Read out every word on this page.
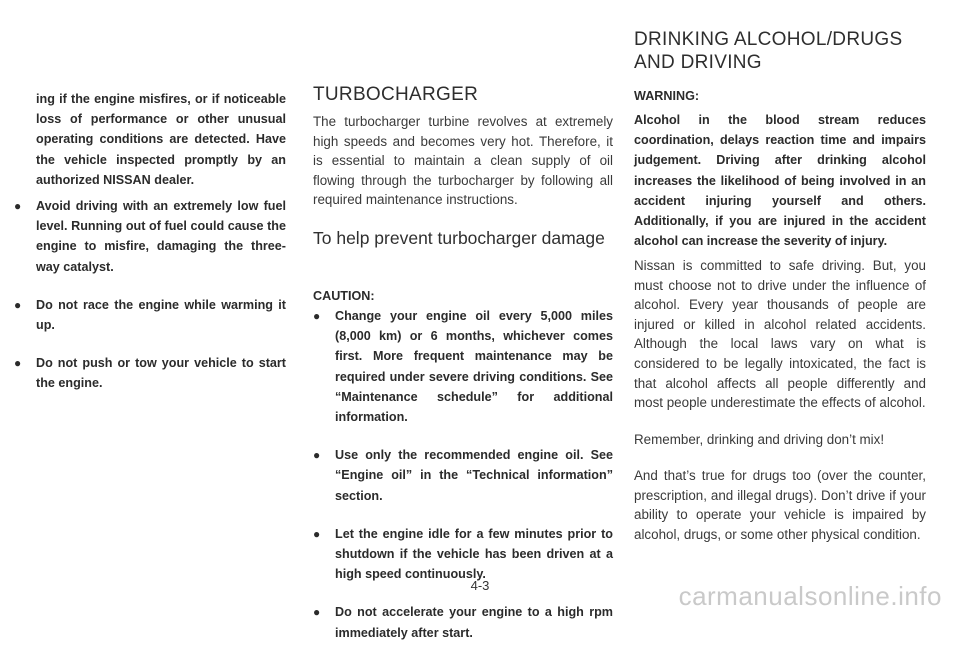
ing if the engine misfires, or if noticeable loss of performance or other unusual operating conditions are detected. Have the vehicle inspected promptly by an authorized NISSAN dealer.

● Avoid driving with an extremely low fuel level. Running out of fuel could cause the engine to misfire, damaging the three-way catalyst.
● Do not race the engine while warming it up.
● Do not push or tow your vehicle to start the engine.
TURBOCHARGER

The turbocharger turbine revolves at extremely high speeds and becomes very hot. Therefore, it is essential to maintain a clean supply of oil flowing through the turbocharger by following all required maintenance instructions.

To help prevent turbocharger damage

CAUTION:

● Change your engine oil every 5,000 miles (8,000 km) or 6 months, whichever comes first. More frequent maintenance may be required under severe driving conditions. See “Maintenance schedule” for additional information.
● Use only the recommended engine oil. See “Engine oil” in the “Technical information” section.
● Let the engine idle for a few minutes prior to shutdown if the vehicle has been driven at a high speed continuously.
● Do not accelerate your engine to a high rpm immediately after start.
DRINKING ALCOHOL/DRUGS AND DRIVING

WARNING:

Alcohol in the blood stream reduces coordination, delays reaction time and impairs judgement. Driving after drinking alcohol increases the likelihood of being involved in an accident injuring yourself and others. Additionally, if you are injured in the accident alcohol can increase the severity of injury.

Nissan is committed to safe driving. But, you must choose not to drive under the influence of alcohol. Every year thousands of people are injured or killed in alcohol related accidents. Although the local laws vary on what is considered to be legally intoxicated, the fact is that alcohol affects all people differently and most people underestimate the effects of alcohol.

Remember, drinking and driving don’t mix!

And that’s true for drugs too (over the counter, prescription, and illegal drugs). Don’t drive if your ability to operate your vehicle is impaired by alcohol, drugs, or some other physical condition.

4-3	carmanualsonline.info
